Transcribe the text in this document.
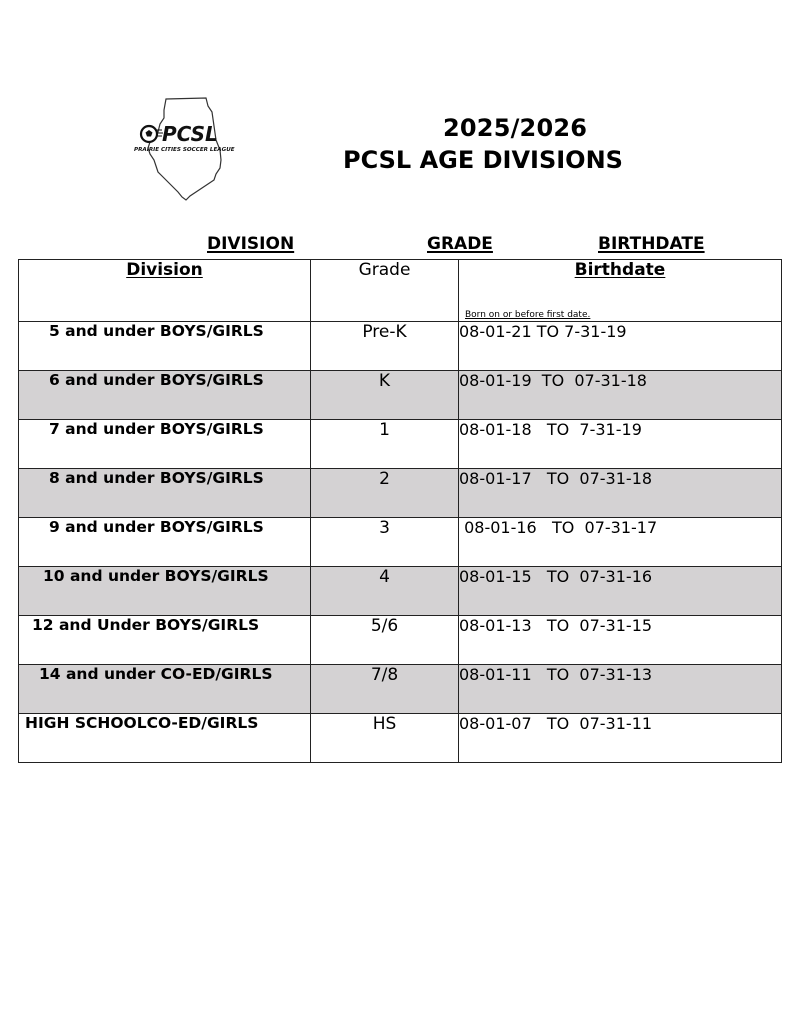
PCSL
PRAIRIE CITIES SOCCER LEAGUE
2025/2026
PCSL AGE DIVISIONS
DIVISION	GRADE	BIRTHDATE
Division	Grade	Birthdate
Born on or before first date.

5 and under BOYS/GIRLS	Pre-K	08-01-21 TO 7-31-19
6 and under BOYS/GIRLS	K	08-01-19  TO  07-31-18
7 and under BOYS/GIRLS	1	08-01-18   TO  7-31-19
8 and under BOYS/GIRLS	2	08-01-17   TO  07-31-18
9 and under BOYS/GIRLS	3	08-01-16   TO  07-31-17
10 and under BOYS/GIRLS	4	08-01-15   TO  07-31-16
12 and Under BOYS/GIRLS	5/6	08-01-13   TO  07-31-15
14 and under CO-ED/GIRLS	7/8	08-01-11   TO  07-31-13
HIGH SCHOOLCO-ED/GIRLS	HS	08-01-07   TO  07-31-11
